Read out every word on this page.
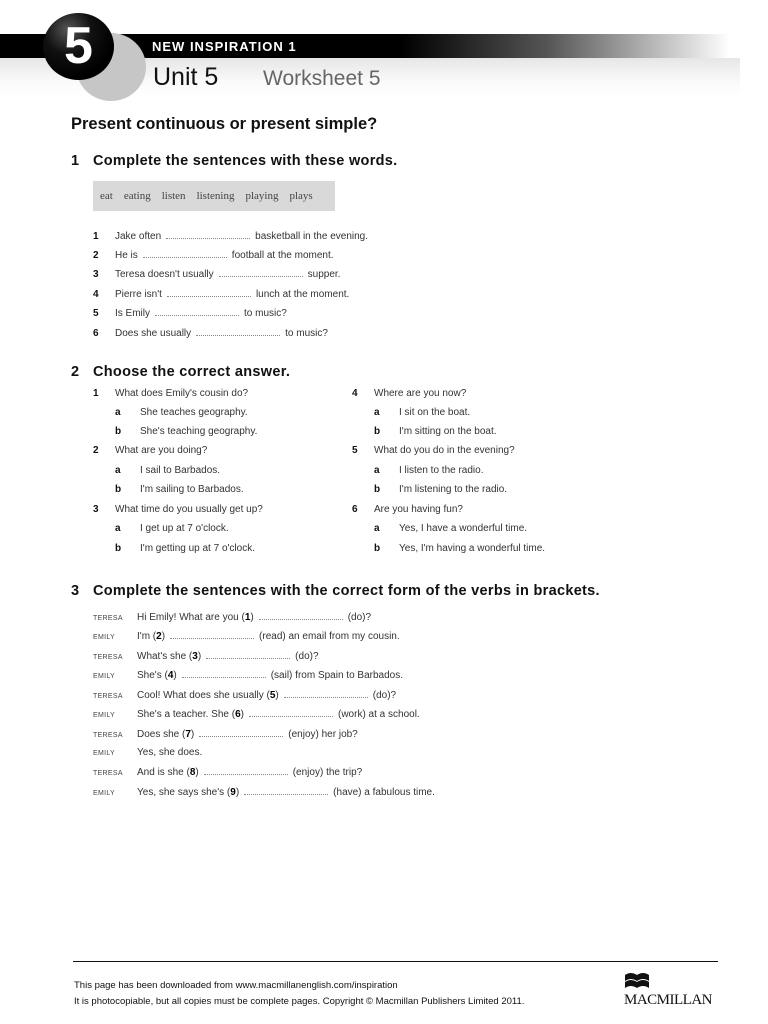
5	NEW INSPIRATION 1
Unit 5 Worksheet 5
Present continuous or present simple?
1 Complete the sentences with these words.
eat eating listen listening playing plays
1 Jake often	basketball in the evening.
2 He is	football at the moment.
3 Teresa doesn't usually	supper.
4 Pierre isn't	lunch at the moment.
5 Is Emily	to music?
6 Does she usually	to music?
2 Choose the correct answer.
1 What does Emily's cousin do?
a She teaches geography.
b She's teaching geography.
2 What are you doing?
a I sail to Barbados.
b I'm sailing to Barbados.
3 What time do you usually get up?
a I get up at 7 o'clock.
b I'm getting up at 7 o'clock.
4 Where are you now?
a I sit on the boat.
b I'm sitting on the boat.
5 What do you do in the evening?
a I listen to the radio.
b I'm listening to the radio.
6 Are you having fun?
a Yes, I have a wonderful time.
b Yes, I'm having a wonderful time.
3 Complete the sentences with the correct form of the verbs in brackets.
TERESA Hi Emily! What are you (1)	(do)?
EMILY I'm (2)	(read) an email from my cousin.
TERESA What's she (3)	(do)?
EMILY She's (4)	(sail) from Spain to Barbados.
TERESA Cool! What does she usually (5)	(do)?
EMILY She's a teacher. She (6)	(work) at a school.
TERESA Does she (7)	(enjoy) her job?
EMILY Yes, she does.
TERESA And is she (8)	(enjoy) the trip?
EMILY Yes, she says she's (9)	(have) a fabulous time.
This page has been downloaded from www.macmillanenglish.com/inspiration
It is photocopiable, but all copies must be complete pages. Copyright © Macmillan Publishers Limited 2011.	MACMILLAN
